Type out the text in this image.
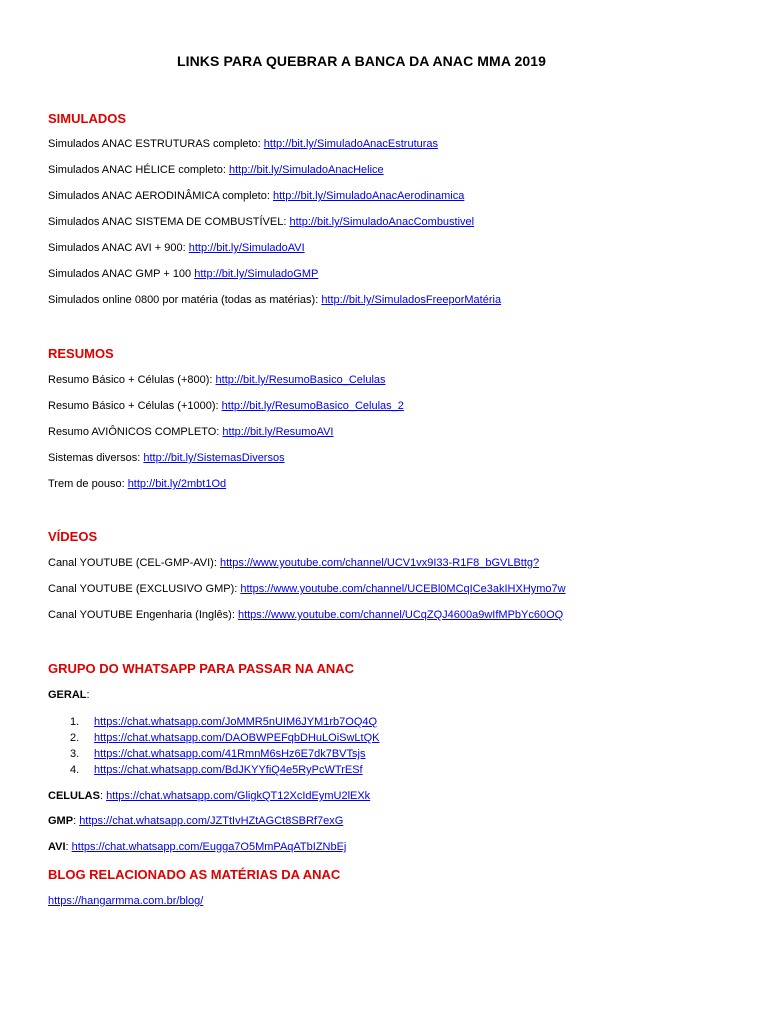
LINKS PARA QUEBRAR A BANCA DA ANAC MMA 2019
SIMULADOS
Simulados ANAC ESTRUTURAS completo: http://bit.ly/SimuladoAnacEstruturas
Simulados ANAC HÉLICE completo: http://bit.ly/SimuladoAnacHelice
Simulados ANAC AERODINÂMICA completo: http://bit.ly/SimuladoAnacAerodinamica
Simulados ANAC SISTEMA DE COMBUSTÍVEL: http://bit.ly/SimuladoAnacCombustivel
Simulados ANAC AVI + 900: http://bit.ly/SimuladoAVI
Simulados ANAC GMP + 100 http://bit.ly/SimuladoGMP
Simulados online 0800 por matéria (todas as matérias): http://bit.ly/SimuladosFreeporMatéria
RESUMOS
Resumo Básico + Células (+800): http://bit.ly/ResumoBasico_Celulas
Resumo Básico + Células (+1000): http://bit.ly/ResumoBasico_Celulas_2
Resumo AVIÔNICOS COMPLETO: http://bit.ly/ResumoAVI
Sistemas diversos: http://bit.ly/SistemasDiversos
Trem de pouso: http://bit.ly/2mbt1Od
VÍDEOS
Canal YOUTUBE (CEL-GMP-AVI): https://www.youtube.com/channel/UCV1vx9I33-R1F8_bGVLBttg?
Canal YOUTUBE (EXCLUSIVO GMP): https://www.youtube.com/channel/UCEBl0MCqICe3akIHXHymo7w
Canal YOUTUBE Engenharia (Inglês): https://www.youtube.com/channel/UCqZQJ4600a9wIfMPbYc60OQ
GRUPO DO WHATSAPP PARA PASSAR NA ANAC
GERAL:
1. https://chat.whatsapp.com/JoMMR5nUIM6JYM1rb7OQ4Q
2. https://chat.whatsapp.com/DAOBWPEFqbDHuLOiSwLtQK
3. https://chat.whatsapp.com/41RmnM6sHz6E7dk7BVTsjs
4. https://chat.whatsapp.com/BdJKYYfiQ4e5RyPcWTrESf
CELULAS: https://chat.whatsapp.com/GligkQT12XcIdEymU2lEXk
GMP: https://chat.whatsapp.com/JZTtIvHZtAGCt8SBRf7exG
AVI: https://chat.whatsapp.com/Eugga7O5MmPAqATbIZNbEj
BLOG RELACIONADO AS MATÉRIAS DA ANAC
https://hangarmma.com.br/blog/
